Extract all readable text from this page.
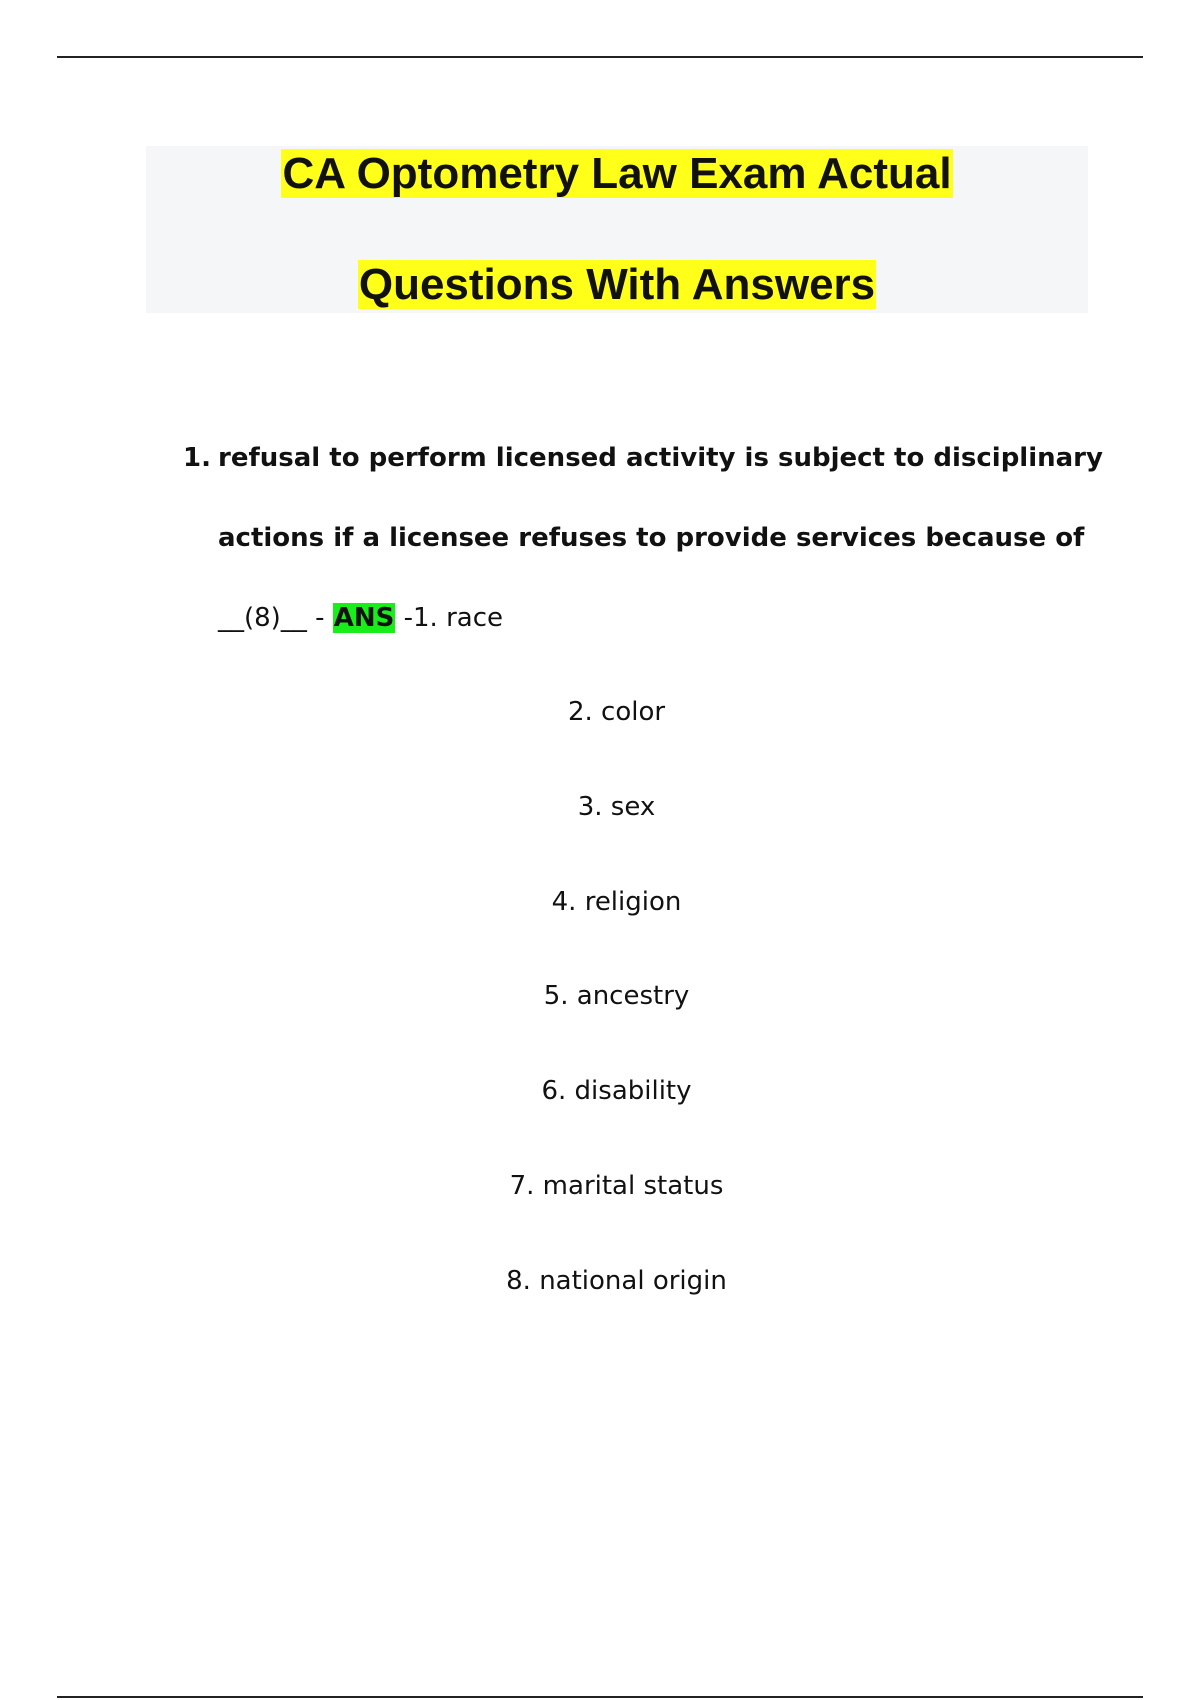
CA Optometry Law Exam Actual
Questions With Answers
1. refusal to perform licensed activity is subject to disciplinary
actions if a licensee refuses to provide services because of
__(8)__ - ANS -1. race
2. color
3. sex
4. religion
5. ancestry
6. disability
7. marital status
8. national origin
